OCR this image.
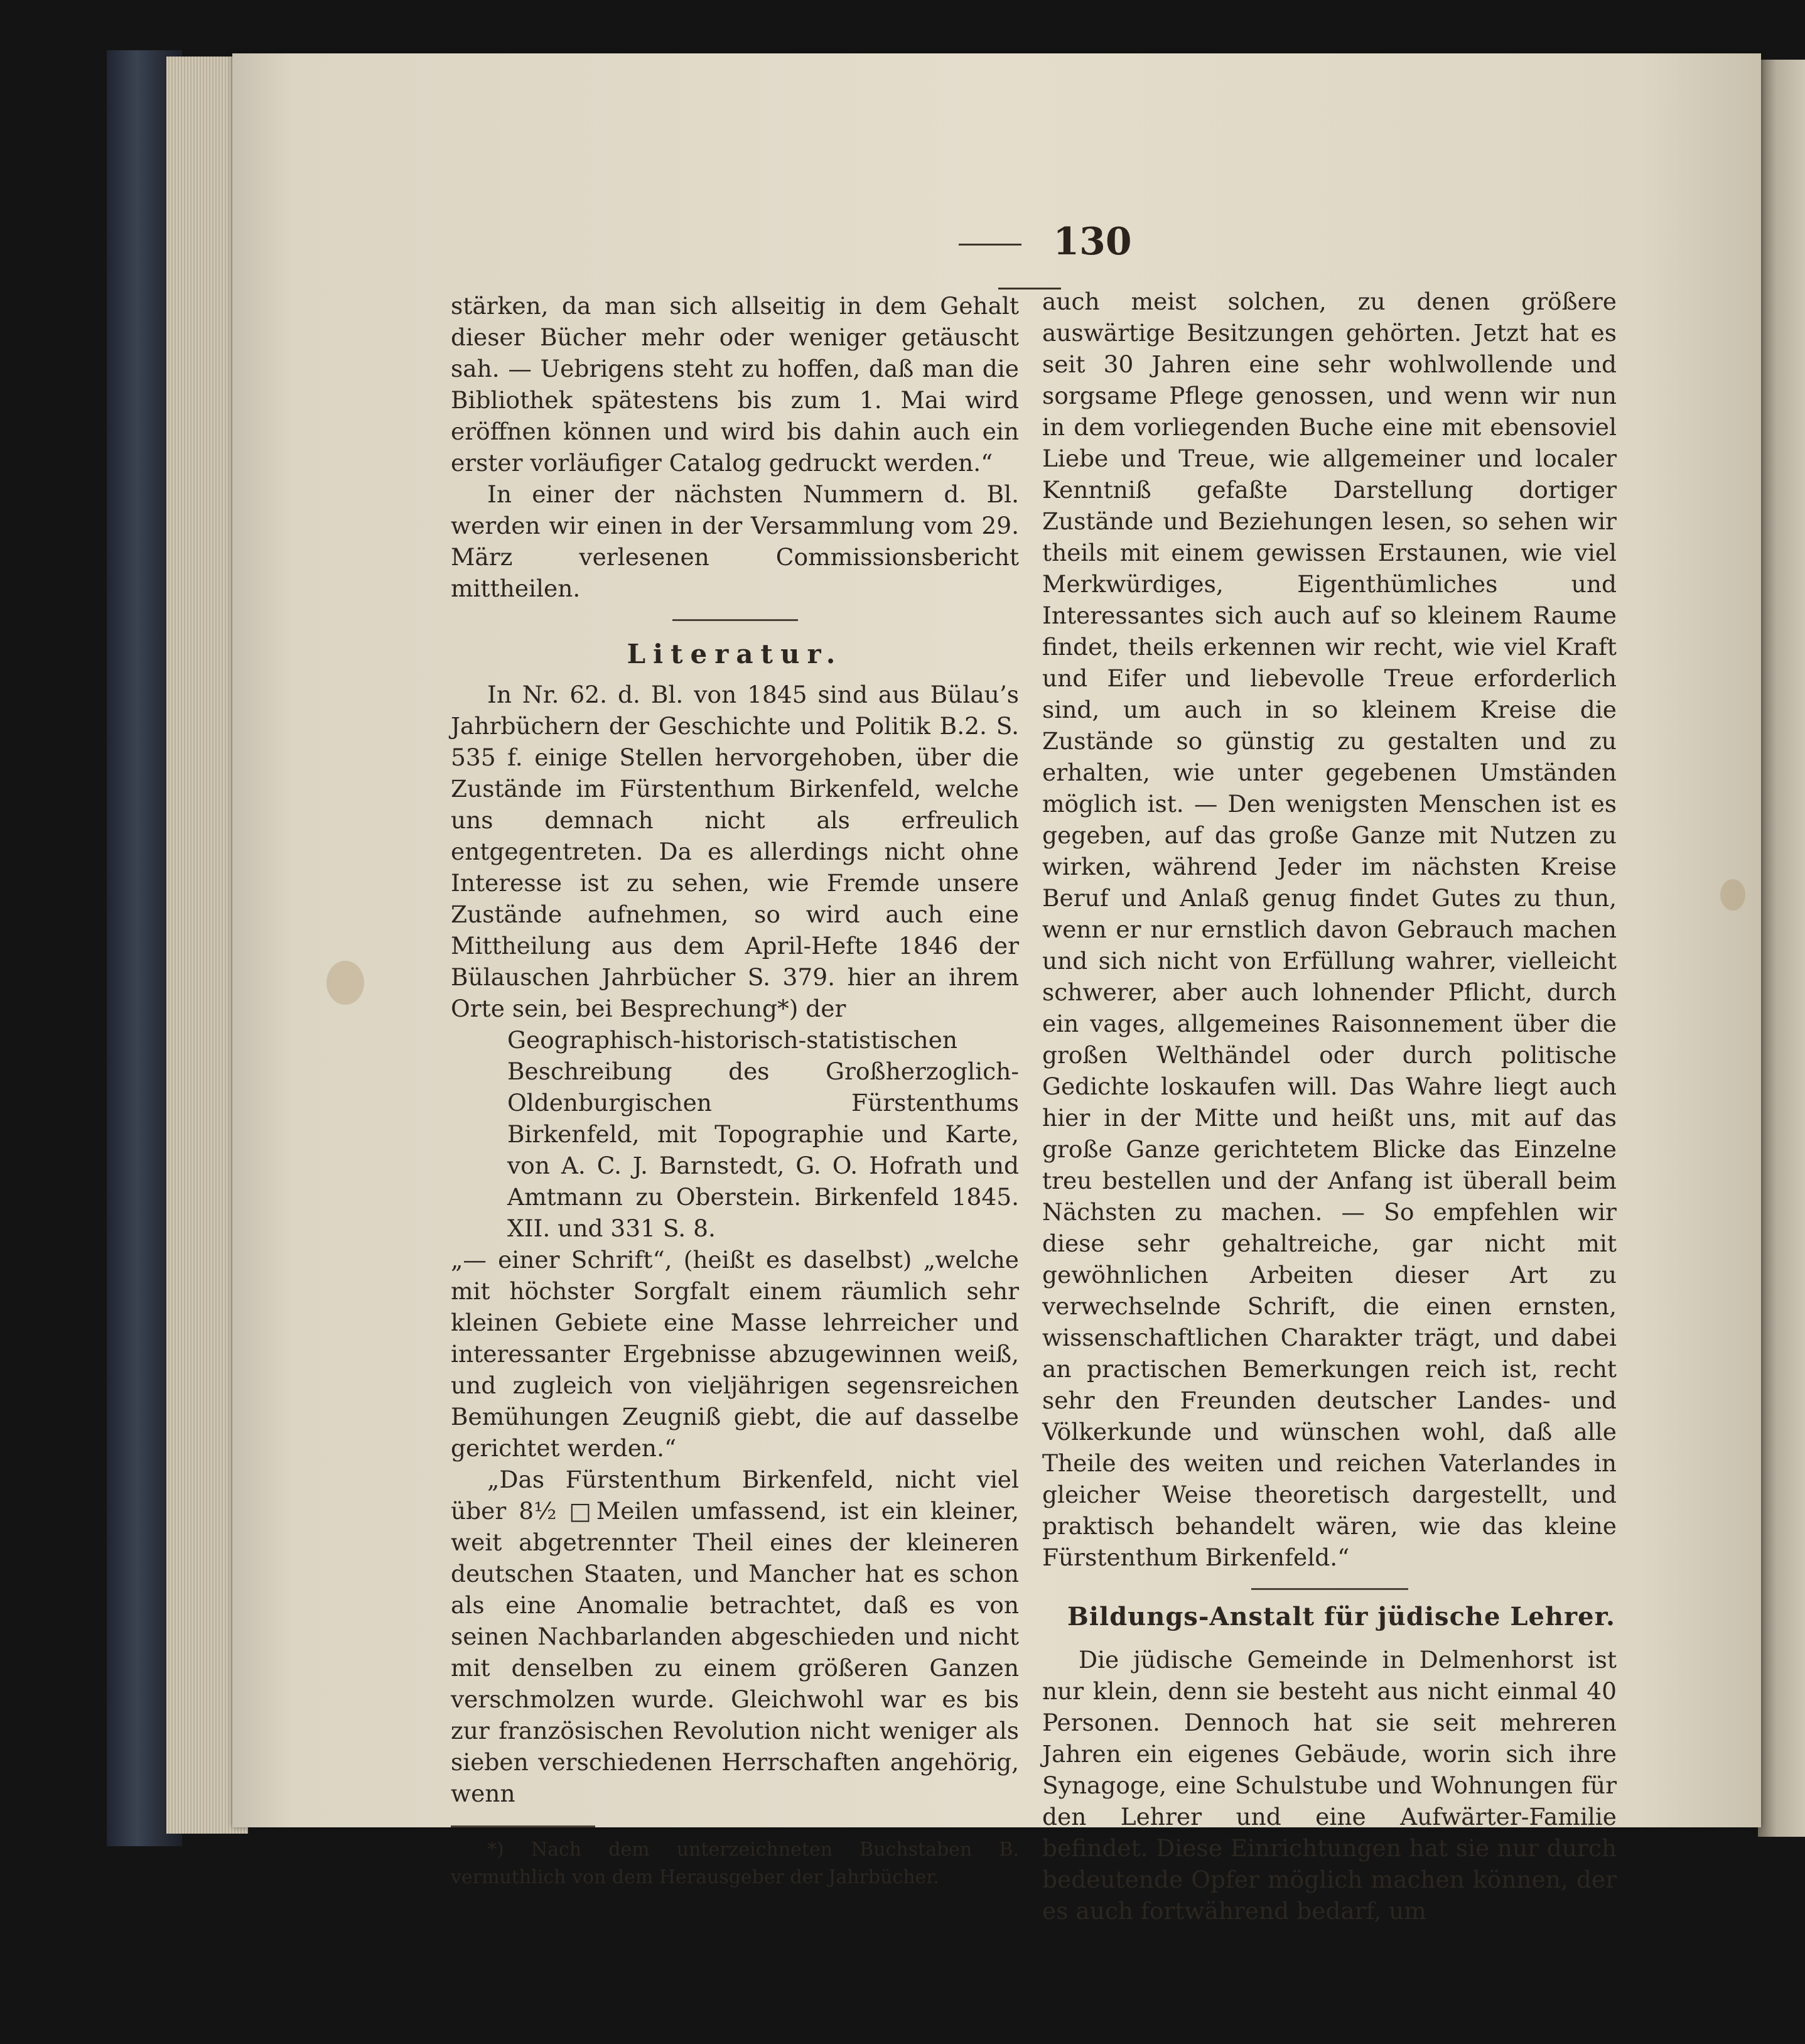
130

stärken, da man sich allseitig in dem Gehalt dieser Bücher mehr oder weniger getäuscht sah. — Uebrigens steht zu hoffen, daß man die Bibliothek spätestens bis zum 1. Mai wird eröffnen können und wird bis dahin auch ein erster vorläufiger Catalog gedruckt werden.“

In einer der nächsten Nummern d. Bl. werden wir einen in der Versammlung vom 29. März verlesenen Commissionsbericht mittheilen.

Literatur.

In Nr. 62. d. Bl. von 1845 sind aus Bülau’s Jahrbüchern der Geschichte und Politik B.2. S. 535 f. einige Stellen hervorgehoben, über die Zustände im Fürstenthum Birkenfeld, welche uns demnach nicht als erfreulich entgegentreten. Da es allerdings nicht ohne Interesse ist zu sehen, wie Fremde unsere Zustände aufnehmen, so wird auch eine Mittheilung aus dem April-Hefte 1846 der Bülauschen Jahrbücher S. 379. hier an ihrem Orte sein, bei Besprechung*) der

Geographisch-historisch-statistischen Beschreibung des Großherzoglich-Oldenburgischen Fürstenthums Birkenfeld, mit Topographie und Karte, von A. C. J. Barnstedt, G. O. Hofrath und Amtmann zu Oberstein. Birkenfeld 1845. XII. und 331 S. 8.

„— einer Schrift“, (heißt es daselbst) „welche mit höchster Sorgfalt einem räumlich sehr kleinen Gebiete eine Masse lehrreicher und interessanter Ergebnisse abzugewinnen weiß, und zugleich von vieljährigen segensreichen Bemühungen Zeugniß giebt, die auf dasselbe gerichtet werden.“

„Das Fürstenthum Birkenfeld, nicht viel über 8½ □Meilen umfassend, ist ein kleiner, weit abgetrennter Theil eines der kleineren deutschen Staaten, und Mancher hat es schon als eine Anomalie betrachtet, daß es von seinen Nachbarlanden abgeschieden und nicht mit denselben zu einem größeren Ganzen verschmolzen wurde. Gleichwohl war es bis zur französischen Revolution nicht weniger als sieben verschiedenen Herrschaften angehörig, wenn

*) Nach dem unterzeichneten Buchstaben B. vermuthlich von dem Herausgeber der Jahrbücher.

auch meist solchen, zu denen größere auswärtige Besitzungen gehörten. Jetzt hat es seit 30 Jahren eine sehr wohlwollende und sorgsame Pflege genossen, und wenn wir nun in dem vorliegenden Buche eine mit ebensoviel Liebe und Treue, wie allgemeiner und localer Kenntniß gefaßte Darstellung dortiger Zustände und Beziehungen lesen, so sehen wir theils mit einem gewissen Erstaunen, wie viel Merkwürdiges, Eigenthümliches und Interessantes sich auch auf so kleinem Raume findet, theils erkennen wir recht, wie viel Kraft und Eifer und liebevolle Treue erforderlich sind, um auch in so kleinem Kreise die Zustände so günstig zu gestalten und zu erhalten, wie unter gegebenen Umständen möglich ist. — Den wenigsten Menschen ist es gegeben, auf das große Ganze mit Nutzen zu wirken, während Jeder im nächsten Kreise Beruf und Anlaß genug findet Gutes zu thun, wenn er nur ernstlich davon Gebrauch machen und sich nicht von Erfüllung wahrer, vielleicht schwerer, aber auch lohnender Pflicht, durch ein vages, allgemeines Raisonnement über die großen Welthändel oder durch politische Gedichte loskaufen will. Das Wahre liegt auch hier in der Mitte und heißt uns, mit auf das große Ganze gerichtetem Blicke das Einzelne treu bestellen und der Anfang ist überall beim Nächsten zu machen. — So empfehlen wir diese sehr gehaltreiche, gar nicht mit gewöhnlichen Arbeiten dieser Art zu verwechselnde Schrift, die einen ernsten, wissenschaftlichen Charakter trägt, und dabei an practischen Bemerkungen reich ist, recht sehr den Freunden deutscher Landes- und Völkerkunde und wünschen wohl, daß alle Theile des weiten und reichen Vaterlandes in gleicher Weise theoretisch dargestellt, und praktisch behandelt wären, wie das kleine Fürstenthum Birkenfeld.“

Bildungs-Anstalt für jüdische Lehrer.

Die jüdische Gemeinde in Delmenhorst ist nur klein, denn sie besteht aus nicht einmal 40 Personen. Dennoch hat sie seit mehreren Jahren ein eigenes Gebäude, worin sich ihre Synagoge, eine Schulstube und Wohnungen für den Lehrer und eine Aufwärter-Familie befindet. Diese Einrichtungen hat sie nur durch bedeutende Opfer möglich machen können, der es auch fortwährend bedarf, um
